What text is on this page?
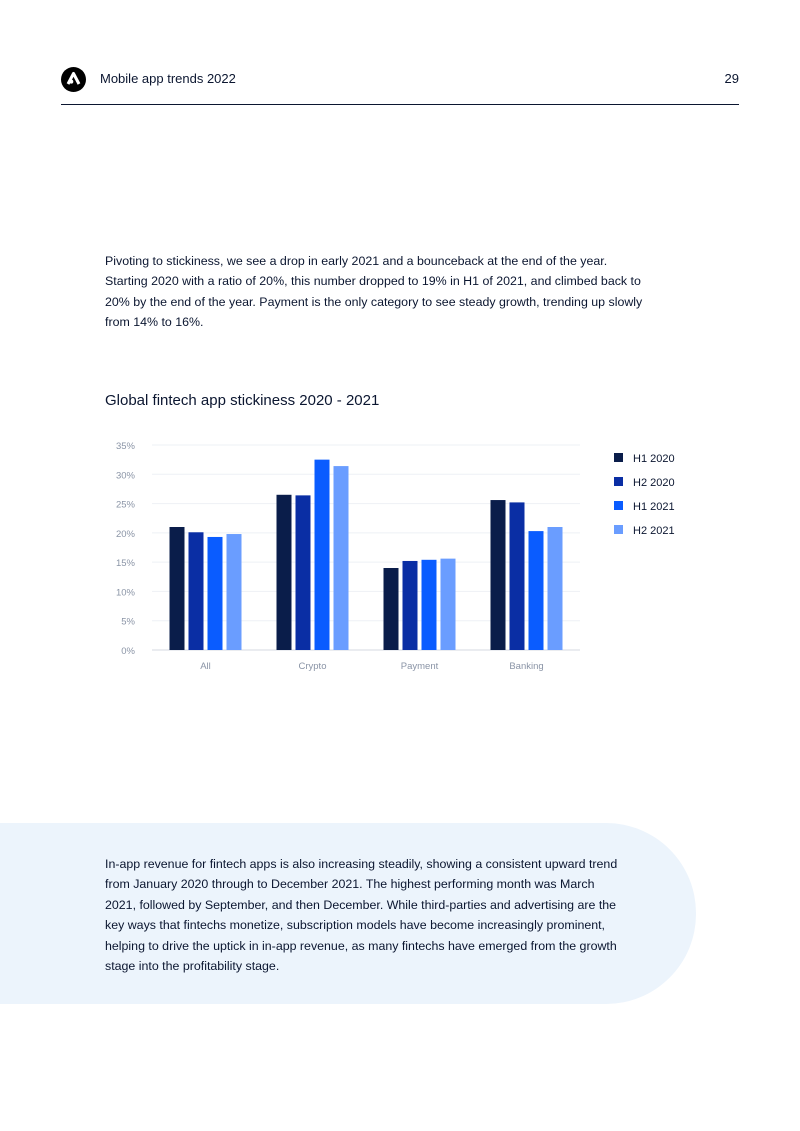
Mobile app trends 2022	29

Pivoting to stickiness, we see a drop in early 2021 and a bounceback at the end of the year. Starting 2020 with a ratio of 20%, this number dropped to 19% in H1 of 2021, and climbed back to 20% by the end of the year. Payment is the only category to see steady growth, trending up slowly from 14% to 16%.

Global fintech app stickiness 2020 - 2021
0%
5%
10%
15%
20%
25%
30%
35%
All	Crypto	Payment	Banking
H1 2020
H2 2020
H1 2021
H2 2021

In-app revenue for fintech apps is also increasing steadily, showing a consistent upward trend from January 2020 through to December 2021. The highest performing month was March 2021, followed by September, and then December. While third-parties and advertising are the key ways that fintechs monetize, subscription models have become increasingly prominent, helping to drive the uptick in in-app revenue, as many fintechs have emerged from the growth stage into the profitability stage.
